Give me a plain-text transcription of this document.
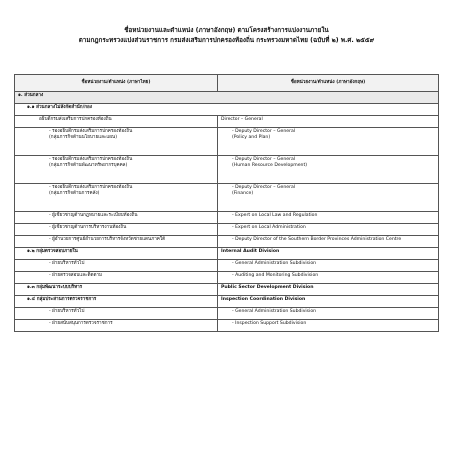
ชื่อหน่วยงานและตำแหน่ง (ภาษาอังกฤษ) ตามโครงสร้างการแบ่งงานภายใน
ตามกฎกระทรวงแบ่งส่วนราชการ กรมส่งเสริมการปกครองท้องถิ่น กระทรวงมหาดไทย (ฉบับที่ ๒) พ.ศ. ๒๕๕๙
ชื่อหน่วยงาน/ตำแหน่ง (ภาษาไทย)	ชื่อหน่วยงาน/ตำแหน่ง (ภาษาอังกฤษ)
๑. ส่วนกลาง	
๑.๑ ส่วนกลางไม่สังกัดสำนัก/กอง	

อธิบดีกรมส่งเสริมการปกครองท้องถิ่น	Director – General

- รองอธิบดีกรมส่งเสริมการปกครองท้องถิ่น
(กลุ่มภารกิจด้านนโยบายและแผน)	- Deputy Director – General
(Policy and Plan)

- รองอธิบดีกรมส่งเสริมการปกครองท้องถิ่น
(กลุ่มภารกิจด้านพัฒนาทรัพยากรบุคคล)	- Deputy Director – General
(Human Resource Development)

- รองอธิบดีกรมส่งเสริมการปกครองท้องถิ่น
(กลุ่มภารกิจด้านการคลัง)	- Deputy Director – General
(Finance)

- ผู้เชี่ยวชาญด้านกฎหมายและระเบียบท้องถิ่น	- Expert on Local Law and Regulation
- ผู้เชี่ยวชาญด้านการบริหารงานท้องถิ่น	- Expert on Local Administration
- ผู้อำนวยการศูนย์อำนวยการบริหารจังหวัดชายแดนภาคใต้	- Deputy Director of the Southern Border Provinces Administration Centre
๑.๒ กลุ่มตรวจสอบภายใน	Internal Audit Division
- ฝ่ายบริหารทั่วไป	- General Administration Subdivision
- ฝ่ายตรวจสอบและติดตาม	- Auditing and Monitoring Subdivision
๑.๓ กลุ่มพัฒนาระบบบริหาร	Public Sector Development Division
๑.๔ กลุ่มประสานการตรวจราชการ	Inspection Coordination Division
- ฝ่ายบริหารทั่วไป	- General Administration Subdivision
- ฝ่ายสนับสนุนการตรวจราชการ	- Inspection Support Subdivision
